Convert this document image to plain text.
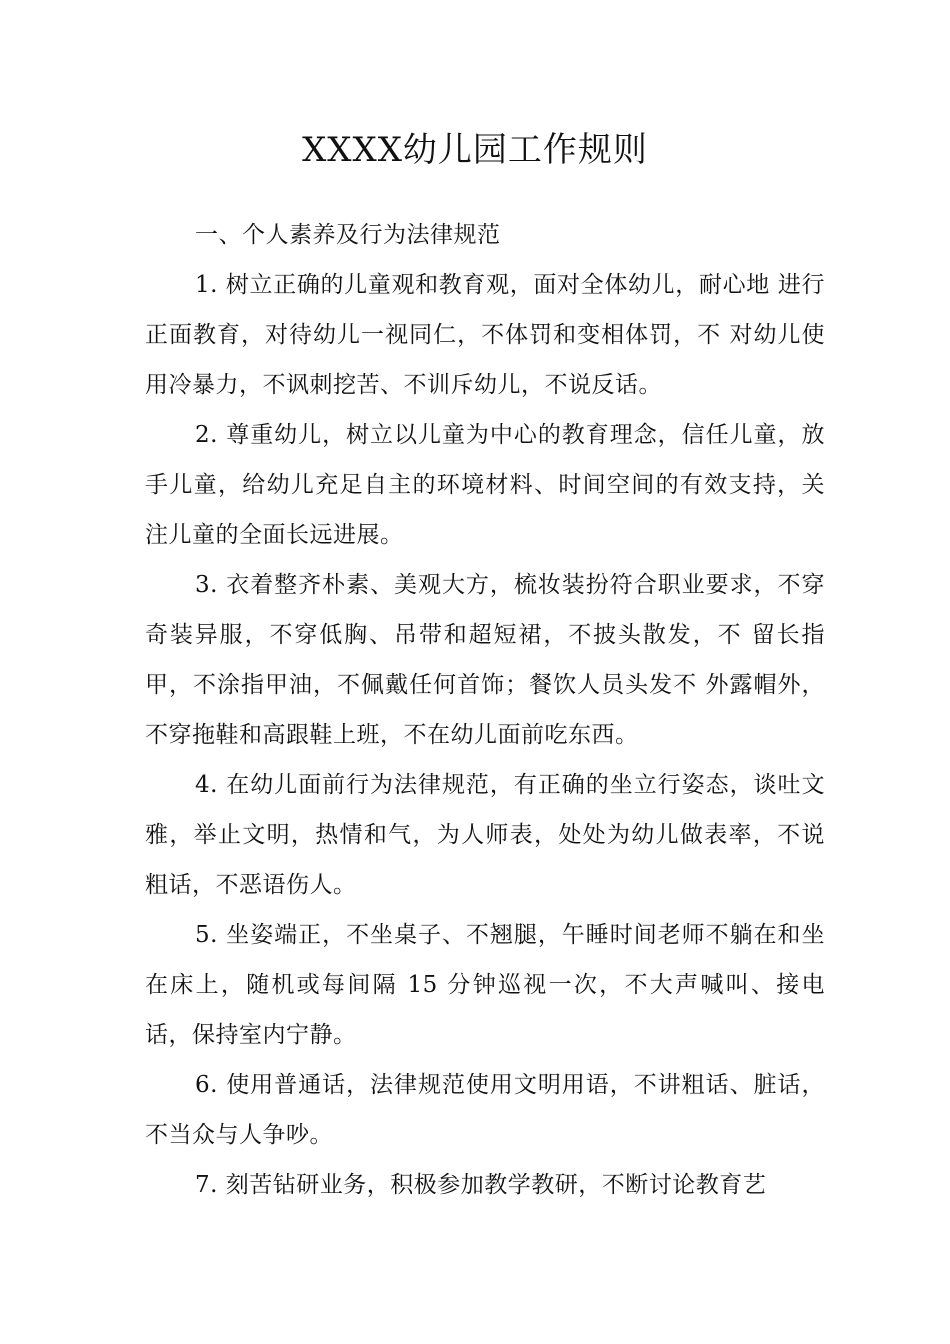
XXXX幼儿园工作规则

一、个人素养及行为法律规范

1. 树立正确的儿童观和教育观，面对全体幼儿，耐心地 进行正面教育，对待幼儿一视同仁，不体罚和变相体罚，不 对幼儿使用冷暴力，不讽刺挖苦、不训斥幼儿，不说反话。

2. 尊重幼儿，树立以儿童为中心的教育理念，信任儿童，放手儿童，给幼儿充足自主的环境材料、时间空间的有效支持，关注儿童的全面长远进展。

3. 衣着整齐朴素、美观大方，梳妆装扮符合职业要求，不穿奇装异服，不穿低胸、吊带和超短裙，不披头散发，不 留长指甲，不涂指甲油，不佩戴任何首饰；餐饮人员头发不 外露帽外，不穿拖鞋和高跟鞋上班，不在幼儿面前吃东西。

4. 在幼儿面前行为法律规范，有正确的坐立行姿态，谈吐文 雅，举止文明，热情和气，为人师表，处处为幼儿做表率，不说粗话，不恶语伤人。

5. 坐姿端正，不坐桌子、不翘腿，午睡时间老师不躺在和坐在床上，随机或每间隔 15 分钟巡视一次，不大声喊叫、接电话，保持室内宁静。

6. 使用普通话，法律规范使用文明用语，不讲粗话、脏话， 不当众与人争吵。

7. 刻苦钻研业务，积极参加教学教研，不断讨论教育艺
